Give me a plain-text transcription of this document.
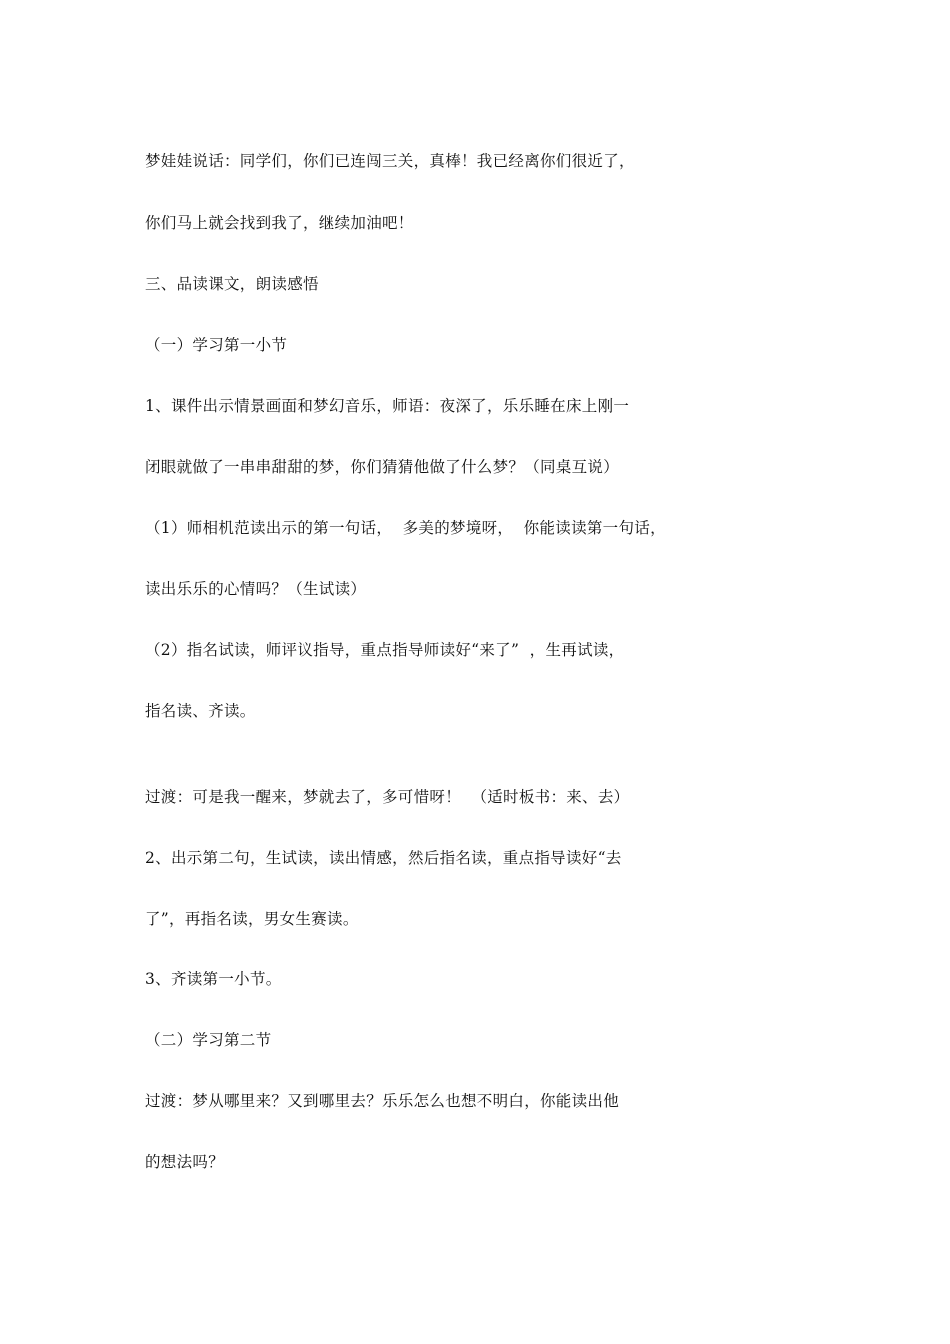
梦娃娃说话：同学们，你们已连闯三关，真棒！我已经离你们很近了，
你们马上就会找到我了，继续加油吧！
三、品读课文，朗读感悟
（一）学习第一小节
1、课件出示情景画面和梦幻音乐，师语：夜深了，乐乐睡在床上刚一
闭眼就做了一串串甜甜的梦，你们猜猜他做了什么梦？（同桌互说）
（1）师相机范读出示的第一句话，  多美的梦境呀，  你能读读第一句话，
读出乐乐的心情吗？（生试读）
（2）指名试读，师评议指导，重点指导师读好“来了”  ，生再试读，
指名读、齐读。
过渡：可是我一醒来，梦就去了，多可惜呀！  （适时板书：来、去）
2、出示第二句，生试读，读出情感，然后指名读，重点指导读好“去
了”，再指名读，男女生赛读。
3、齐读第一小节。
（二）学习第二节
过渡：梦从哪里来？又到哪里去？乐乐怎么也想不明白，你能读出他
的想法吗？
